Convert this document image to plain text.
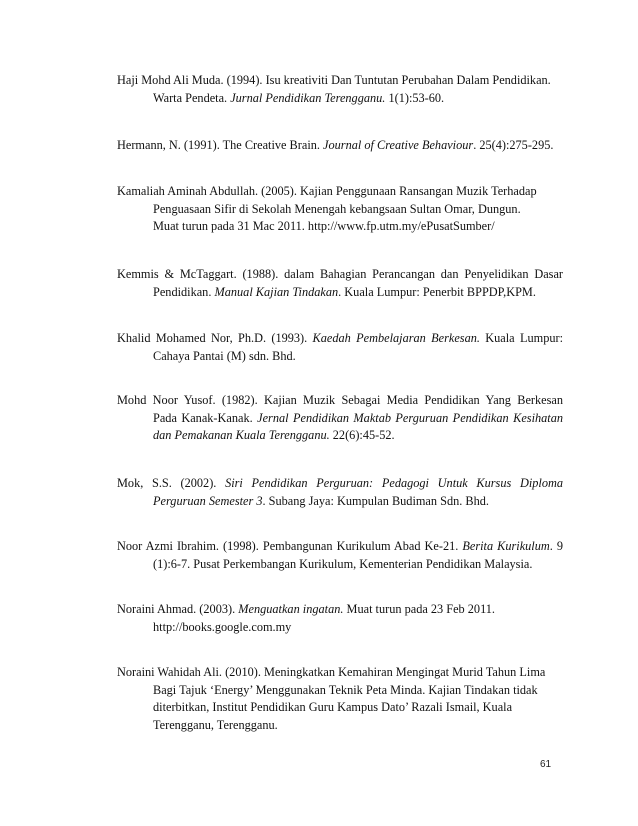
Haji Mohd Ali Muda. (1994). Isu kreativiti Dan Tuntutan Perubahan Dalam Pendidikan.
Warta Pendeta. Jurnal Pendidikan Terengganu. 1(1):53-60.

Hermann, N. (1991). The Creative Brain. Journal of Creative Behaviour. 25(4):275-295.

Kamaliah Aminah Abdullah. (2005). Kajian Penggunaan Ransangan Muzik Terhadap
Penguasaan Sifir di Sekolah Menengah kebangsaan Sultan Omar, Dungun.
Muat turun pada 31 Mac 2011. http://www.fp.utm.my/ePusatSumber/

Kemmis & McTaggart. (1988). dalam Bahagian Perancangan dan Penyelidikan Dasar
Pendidikan. Manual Kajian Tindakan. Kuala Lumpur: Penerbit BPPDP,KPM.

Khalid Mohamed Nor, Ph.D. (1993). Kaedah Pembelajaran Berkesan. Kuala Lumpur:
Cahaya Pantai (M) sdn. Bhd.

Mohd Noor Yusof. (1982). Kajian Muzik Sebagai Media Pendidikan Yang Berkesan
Pada Kanak-Kanak. Jernal Pendidikan Maktab Perguruan Pendidikan Kesihatan
dan Pemakanan Kuala Terengganu. 22(6):45-52.

Mok, S.S. (2002). Siri Pendidikan Perguruan: Pedagogi Untuk Kursus Diploma
Perguruan Semester 3. Subang Jaya: Kumpulan Budiman Sdn. Bhd.

Noor Azmi Ibrahim. (1998). Pembangunan Kurikulum Abad Ke-21. Berita Kurikulum. 9
(1):6-7. Pusat Perkembangan Kurikulum, Kementerian Pendidikan Malaysia.

Noraini Ahmad. (2003). Menguatkan ingatan. Muat turun pada 23 Feb 2011.
http://books.google.com.my

Noraini Wahidah Ali. (2010). Meningkatkan Kemahiran Mengingat Murid Tahun Lima
Bagi Tajuk ‘Energy’ Menggunakan Teknik Peta Minda. Kajian Tindakan tidak
diterbitkan, Institut Pendidikan Guru Kampus Dato’ Razali Ismail, Kuala
Terengganu, Terengganu.

61
